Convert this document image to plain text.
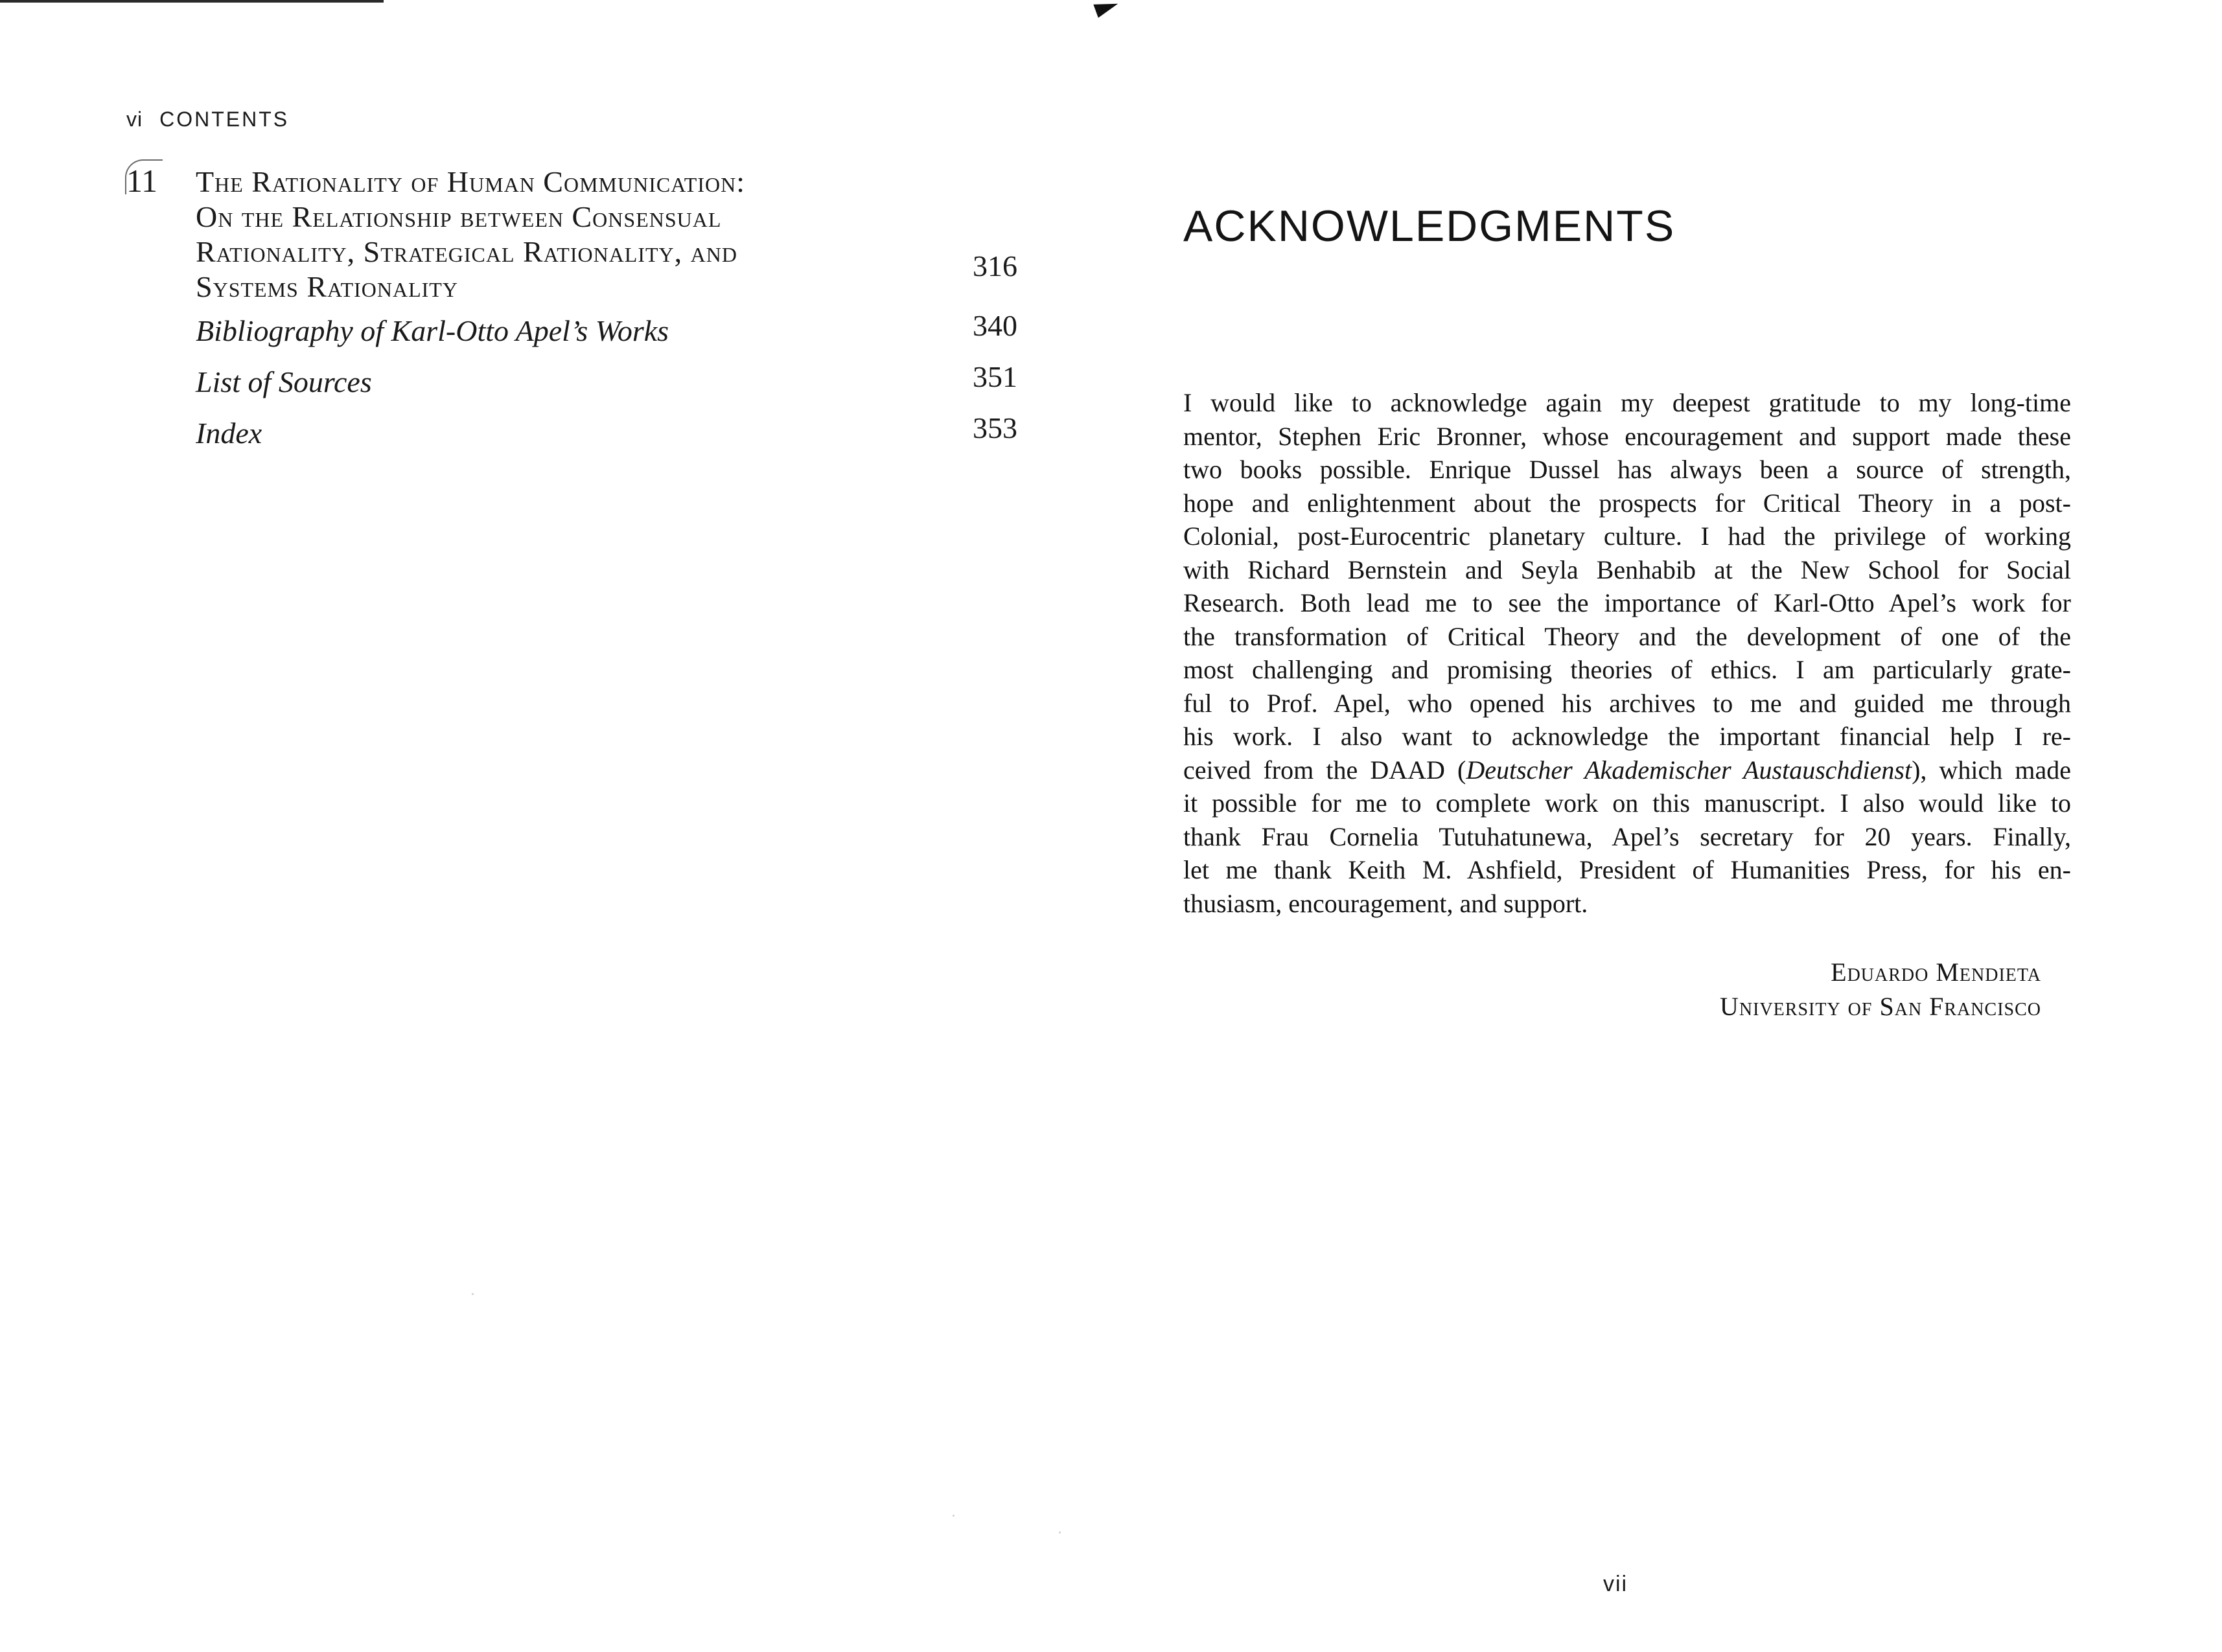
vi CONTENTS
11 The Rationality of Human Communication:
On the Relationship between Consensual
Rationality, Strategical Rationality, and
Systems Rationality
316
Bibliography of Karl-Otto Apel’s Works	340
List of Sources	351
Index	353
ACKNOWLEDGMENTS
I would like to acknowledge again my deepest gratitude to my long-time
mentor, Stephen Eric Bronner, whose encouragement and support made these
two books possible. Enrique Dussel has always been a source of strength,
hope and enlightenment about the prospects for Critical Theory in a post-
Colonial, post-Eurocentric planetary culture. I had the privilege of working
with Richard Bernstein and Seyla Benhabib at the New School for Social
Research. Both lead me to see the importance of Karl-Otto Apel’s work for
the transformation of Critical Theory and the development of one of the
most challenging and promising theories of ethics. I am particularly grate-
ful to Prof. Apel, who opened his archives to me and guided me through
his work. I also want to acknowledge the important financial help I re-
ceived from the DAAD (Deutscher Akademischer Austauschdienst), which made
it possible for me to complete work on this manuscript. I also would like to
thank Frau Cornelia Tutuhatunewa, Apel’s secretary for 20 years. Finally,
let me thank Keith M. Ashfield, President of Humanities Press, for his en-
thusiasm, encouragement, and support.
Eduardo Mendieta
University of San Francisco
vii
